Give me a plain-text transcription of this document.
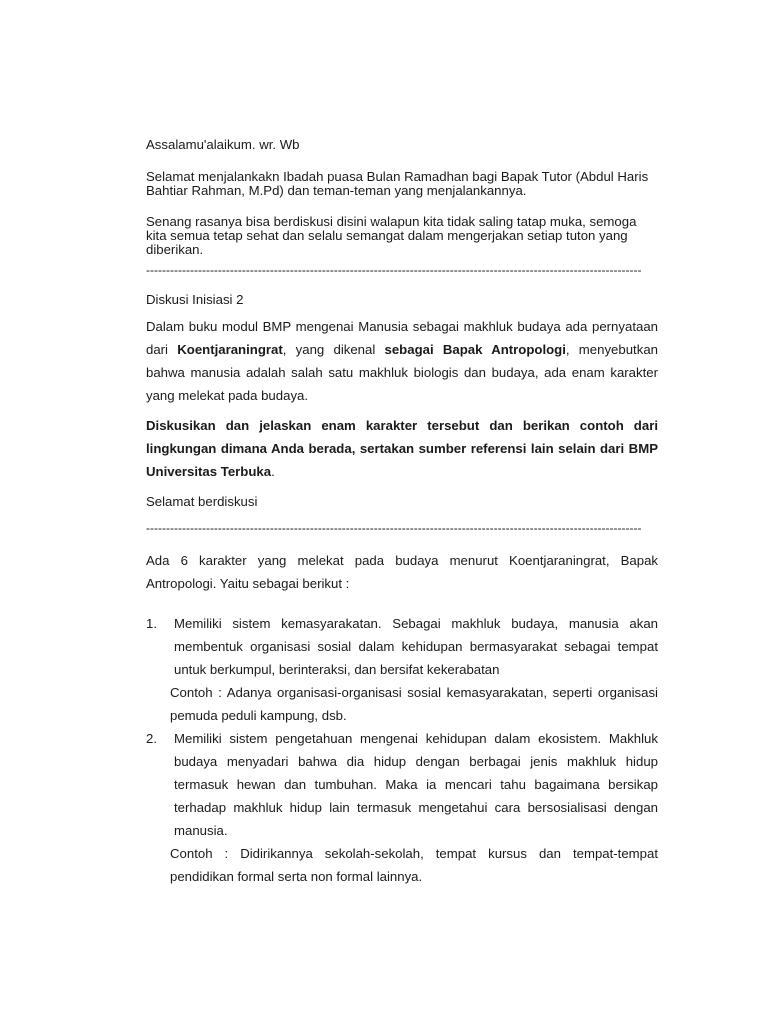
Assalamu'alaikum. wr. Wb

Selamat menjalankakn Ibadah puasa Bulan Ramadhan bagi Bapak Tutor (Abdul Haris Bahtiar Rahman, M.Pd) dan teman-teman yang menjalankannya.

Senang rasanya bisa berdiskusi disini walapun kita tidak saling tatap muka, semoga kita semua tetap sehat dan selalu semangat dalam mengerjakan setiap tuton yang diberikan.

----------------------------------------------------------------------------------------------------------------------------

Diskusi Inisiasi 2

Dalam buku modul BMP mengenai Manusia sebagai makhluk budaya ada pernyataan dari Koentjaraningrat, yang dikenal sebagai Bapak Antropologi, menyebutkan bahwa manusia adalah salah satu makhluk biologis dan budaya, ada enam karakter yang melekat pada budaya.

Diskusikan dan jelaskan enam karakter tersebut dan berikan contoh dari lingkungan dimana Anda berada, sertakan sumber referensi lain selain dari BMP Universitas Terbuka.

Selamat berdiskusi

----------------------------------------------------------------------------------------------------------------------------

Ada 6 karakter yang melekat pada budaya menurut Koentjaraningrat, Bapak Antropologi. Yaitu sebagai berikut :

1.	Memiliki sistem kemasyarakatan. Sebagai makhluk budaya, manusia akan membentuk organisasi sosial dalam kehidupan bermasyarakat sebagai tempat untuk berkumpul, berinteraksi, dan bersifat kekerabatan

Contoh : Adanya organisasi-organisasi sosial kemasyarakatan, seperti organisasi pemuda peduli kampung, dsb.

2.	Memiliki sistem pengetahuan mengenai kehidupan dalam ekosistem. Makhluk budaya menyadari bahwa dia hidup dengan berbagai jenis makhluk hidup termasuk hewan dan tumbuhan. Maka ia mencari tahu bagaimana bersikap terhadap makhluk hidup lain termasuk mengetahui cara bersosialisasi dengan manusia.

Contoh : Didirikannya sekolah-sekolah, tempat kursus dan tempat-tempat pendidikan formal serta non formal lainnya.
